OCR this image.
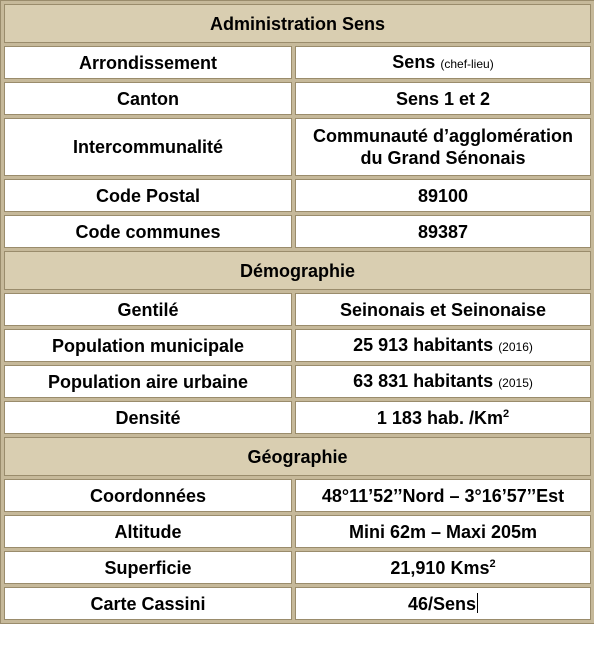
Administration Sens	
Arrondissement	Sens (chef-lieu)
Canton	Sens 1 et 2
Intercommunalité	Communauté d’agglomération
du Grand Sénonais
Code Postal	89100
Code communes	89387
Démographie	
Gentilé	Seinonais et Seinonaise
Population municipale	25 913 habitants (2016)
Population aire urbaine	63 831 habitants (2015)
Densité	1 183 hab. /Km$^2$
Géographie	
Coordonnées	48°11’52’’Nord – 3°16’57’’Est
Altitude	Mini 62m – Maxi 205m
Superficie	21,910 Kms$^2$
Carte Cassini	46/Sens
